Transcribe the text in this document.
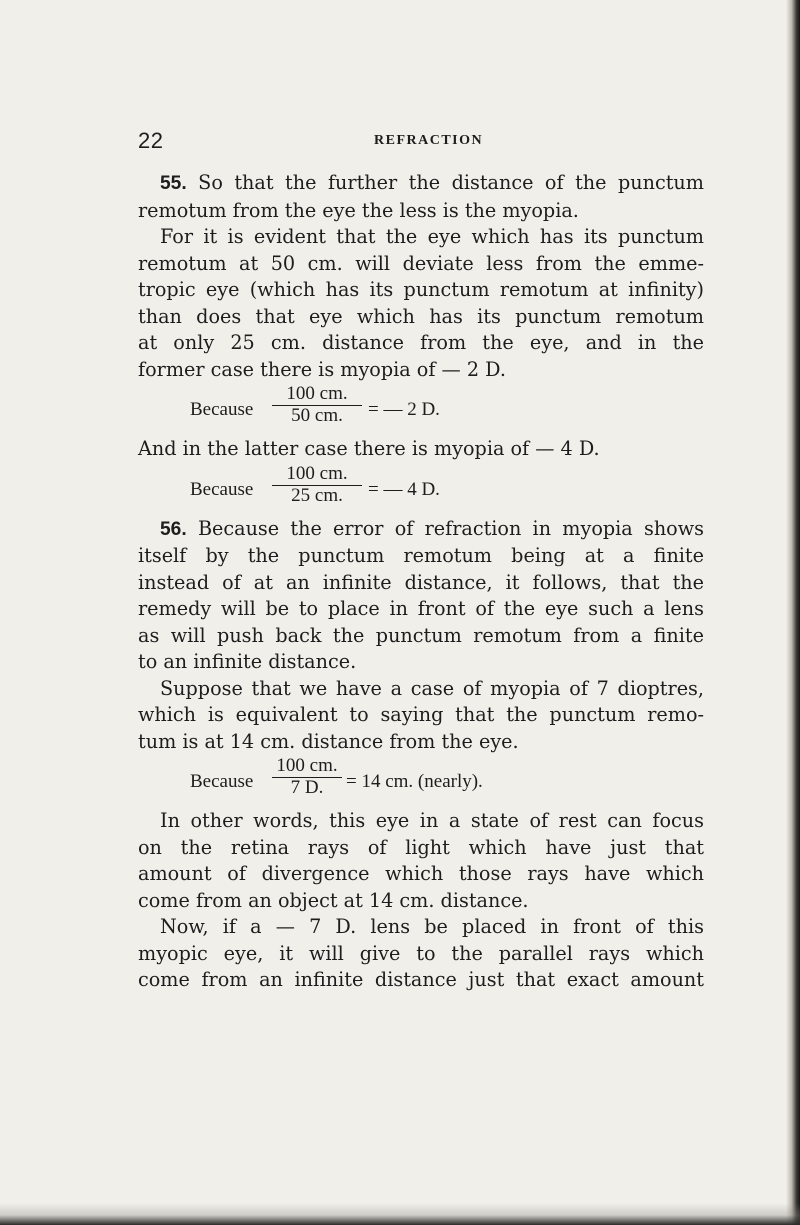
22	REFRACTION
55. So that the further the distance of the punctum
remotum from the eye the less is the myopia.
For it is evident that the eye which has its punctum
remotum at 50 cm. will deviate less from the emme-
tropic eye (which has its punctum remotum at infinity)
than does that eye which has its punctum remotum
at only 25 cm. distance from the eye, and in the
former case there is myopia of — 2 D.
Because $\frac{100 cm.}{50 cm.}$ = — 2 D.
And in the latter case there is myopia of — 4 D.
Because $\frac{100 cm.}{25 cm.}$ = — 4 D.
56. Because the error of refraction in myopia shows
itself by the punctum remotum being at a finite
instead of at an infinite distance, it follows, that the
remedy will be to place in front of the eye such a lens
as will push back the punctum remotum from a finite
to an infinite distance.
Suppose that we have a case of myopia of 7 dioptres,
which is equivalent to saying that the punctum remo-
tum is at 14 cm. distance from the eye.
Because $\frac{100 cm.}{7 D.} = 14$ cm. (nearly).
In other words, this eye in a state of rest can focus
on the retina rays of light which have just that
amount of divergence which those rays have which
come from an object at 14 cm. distance.
Now, if a — 7 D. lens be placed in front of this
myopic eye, it will give to the parallel rays which
come from an infinite distance just that exact amount
